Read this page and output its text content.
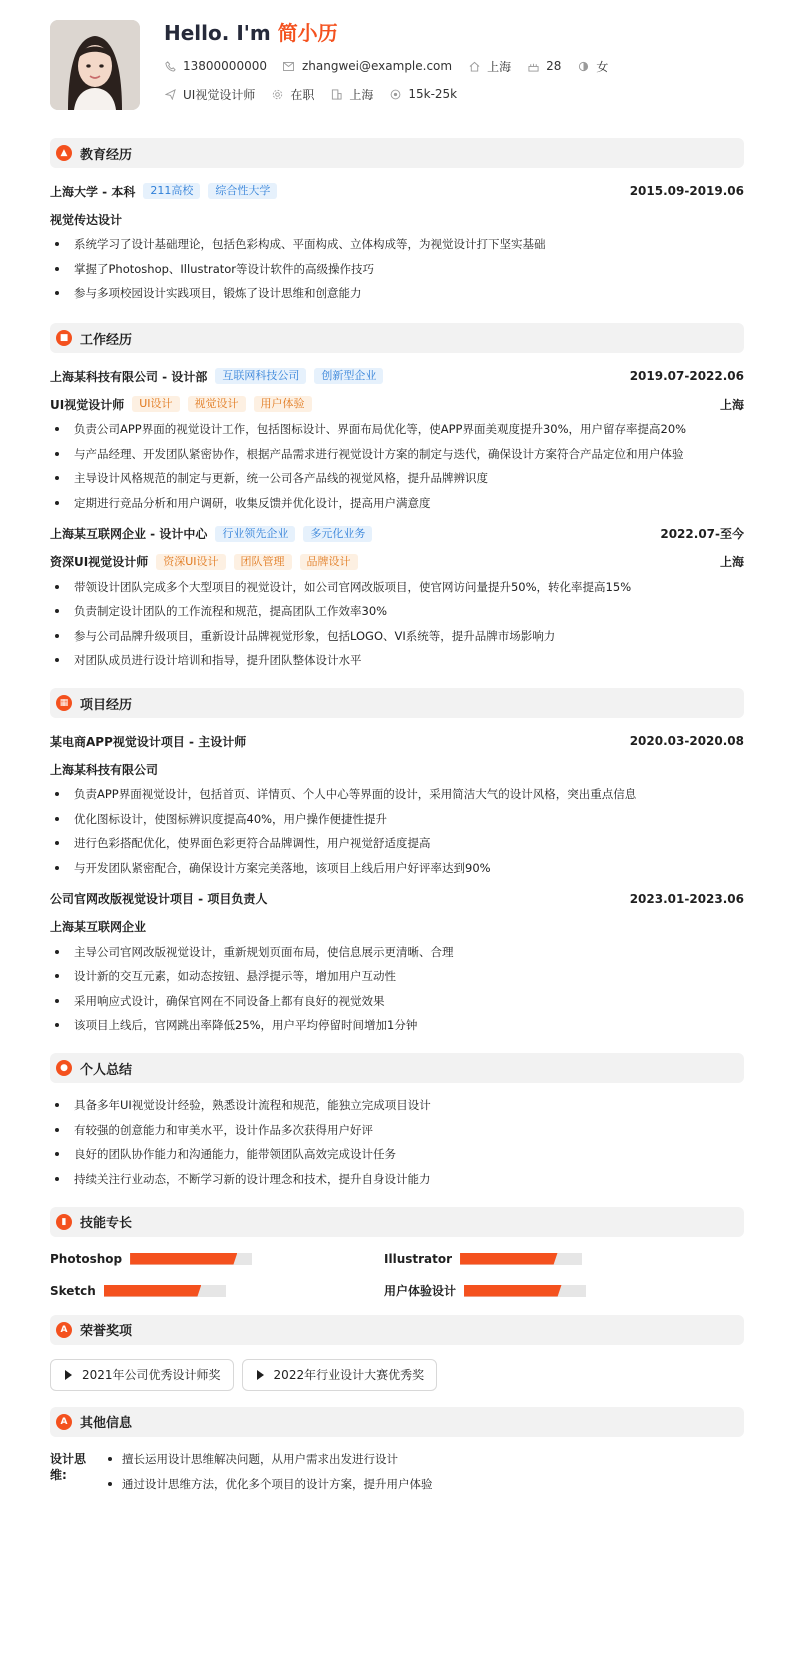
Hello. I'm 简小历
13800000000	zhangwei@example.com	上海	28	女
UI视觉设计师	在职	上海	15k-25k
▲ 教育经历
上海大学 - 本科	211高校	综合性大学	2015.09-2019.06
视觉传达设计
系统学习了设计基础理论，包括色彩构成、平面构成、立体构成等，为视觉设计打下坚实基础
掌握了Photoshop、Illustrator等设计软件的高级操作技巧
参与多项校园设计实践项目，锻炼了设计思维和创意能力
■ 工作经历
上海某科技有限公司 - 设计部	互联网科技公司	创新型企业	2019.07-2022.06
UI视觉设计师	UI设计	视觉设计	用户体验	上海
负责公司APP界面的视觉设计工作，包括图标设计、界面布局优化等，使APP界面美观度提升30%，用户留存率提高20%
与产品经理、开发团队紧密协作，根据产品需求进行视觉设计方案的制定与迭代，确保设计方案符合产品定位和用户体验
主导设计风格规范的制定与更新，统一公司各产品线的视觉风格，提升品牌辨识度
定期进行竞品分析和用户调研，收集反馈并优化设计，提高用户满意度
上海某互联网企业 - 设计中心	行业领先企业	多元化业务	2022.07-至今
资深UI视觉设计师	资深UI设计	团队管理	品牌设计	上海
带领设计团队完成多个大型项目的视觉设计，如公司官网改版项目，使官网访问量提升50%，转化率提高15%
负责制定设计团队的工作流程和规范，提高团队工作效率30%
参与公司品牌升级项目，重新设计品牌视觉形象，包括LOGO、VI系统等，提升品牌市场影响力
对团队成员进行设计培训和指导，提升团队整体设计水平
▦ 项目经历
某电商APP视觉设计项目 - 主设计师	2020.03-2020.08
上海某科技有限公司
负责APP界面视觉设计，包括首页、详情页、个人中心等界面的设计，采用简洁大气的设计风格，突出重点信息
优化图标设计，使图标辨识度提高40%，用户操作便捷性提升
进行色彩搭配优化，使界面色彩更符合品牌调性，用户视觉舒适度提高
与开发团队紧密配合，确保设计方案完美落地，该项目上线后用户好评率达到90%
公司官网改版视觉设计项目 - 项目负责人	2023.01-2023.06
上海某互联网企业
主导公司官网改版视觉设计，重新规划页面布局，使信息展示更清晰、合理
设计新的交互元素，如动态按钮、悬浮提示等，增加用户互动性
采用响应式设计，确保官网在不同设备上都有良好的视觉效果
该项目上线后，官网跳出率降低25%，用户平均停留时间增加1分钟
● 个人总结
具备多年UI视觉设计经验，熟悉设计流程和规范，能独立完成项目设计
有较强的创意能力和审美水平，设计作品多次获得用户好评
良好的团队协作能力和沟通能力，能带领团队高效完成设计任务
持续关注行业动态，不断学习新的设计理念和技术，提升自身设计能力
▮	技能专长
Photoshop	Illustrator
Sketch	用户体验设计
A 荣誉奖项
2021年公司优秀设计师奖	2022年行业设计大赛优秀奖
A 其他信息
设计思维:
擅长运用设计思维解决问题，从用户需求出发进行设计
通过设计思维方法，优化多个项目的设计方案，提升用户体验
